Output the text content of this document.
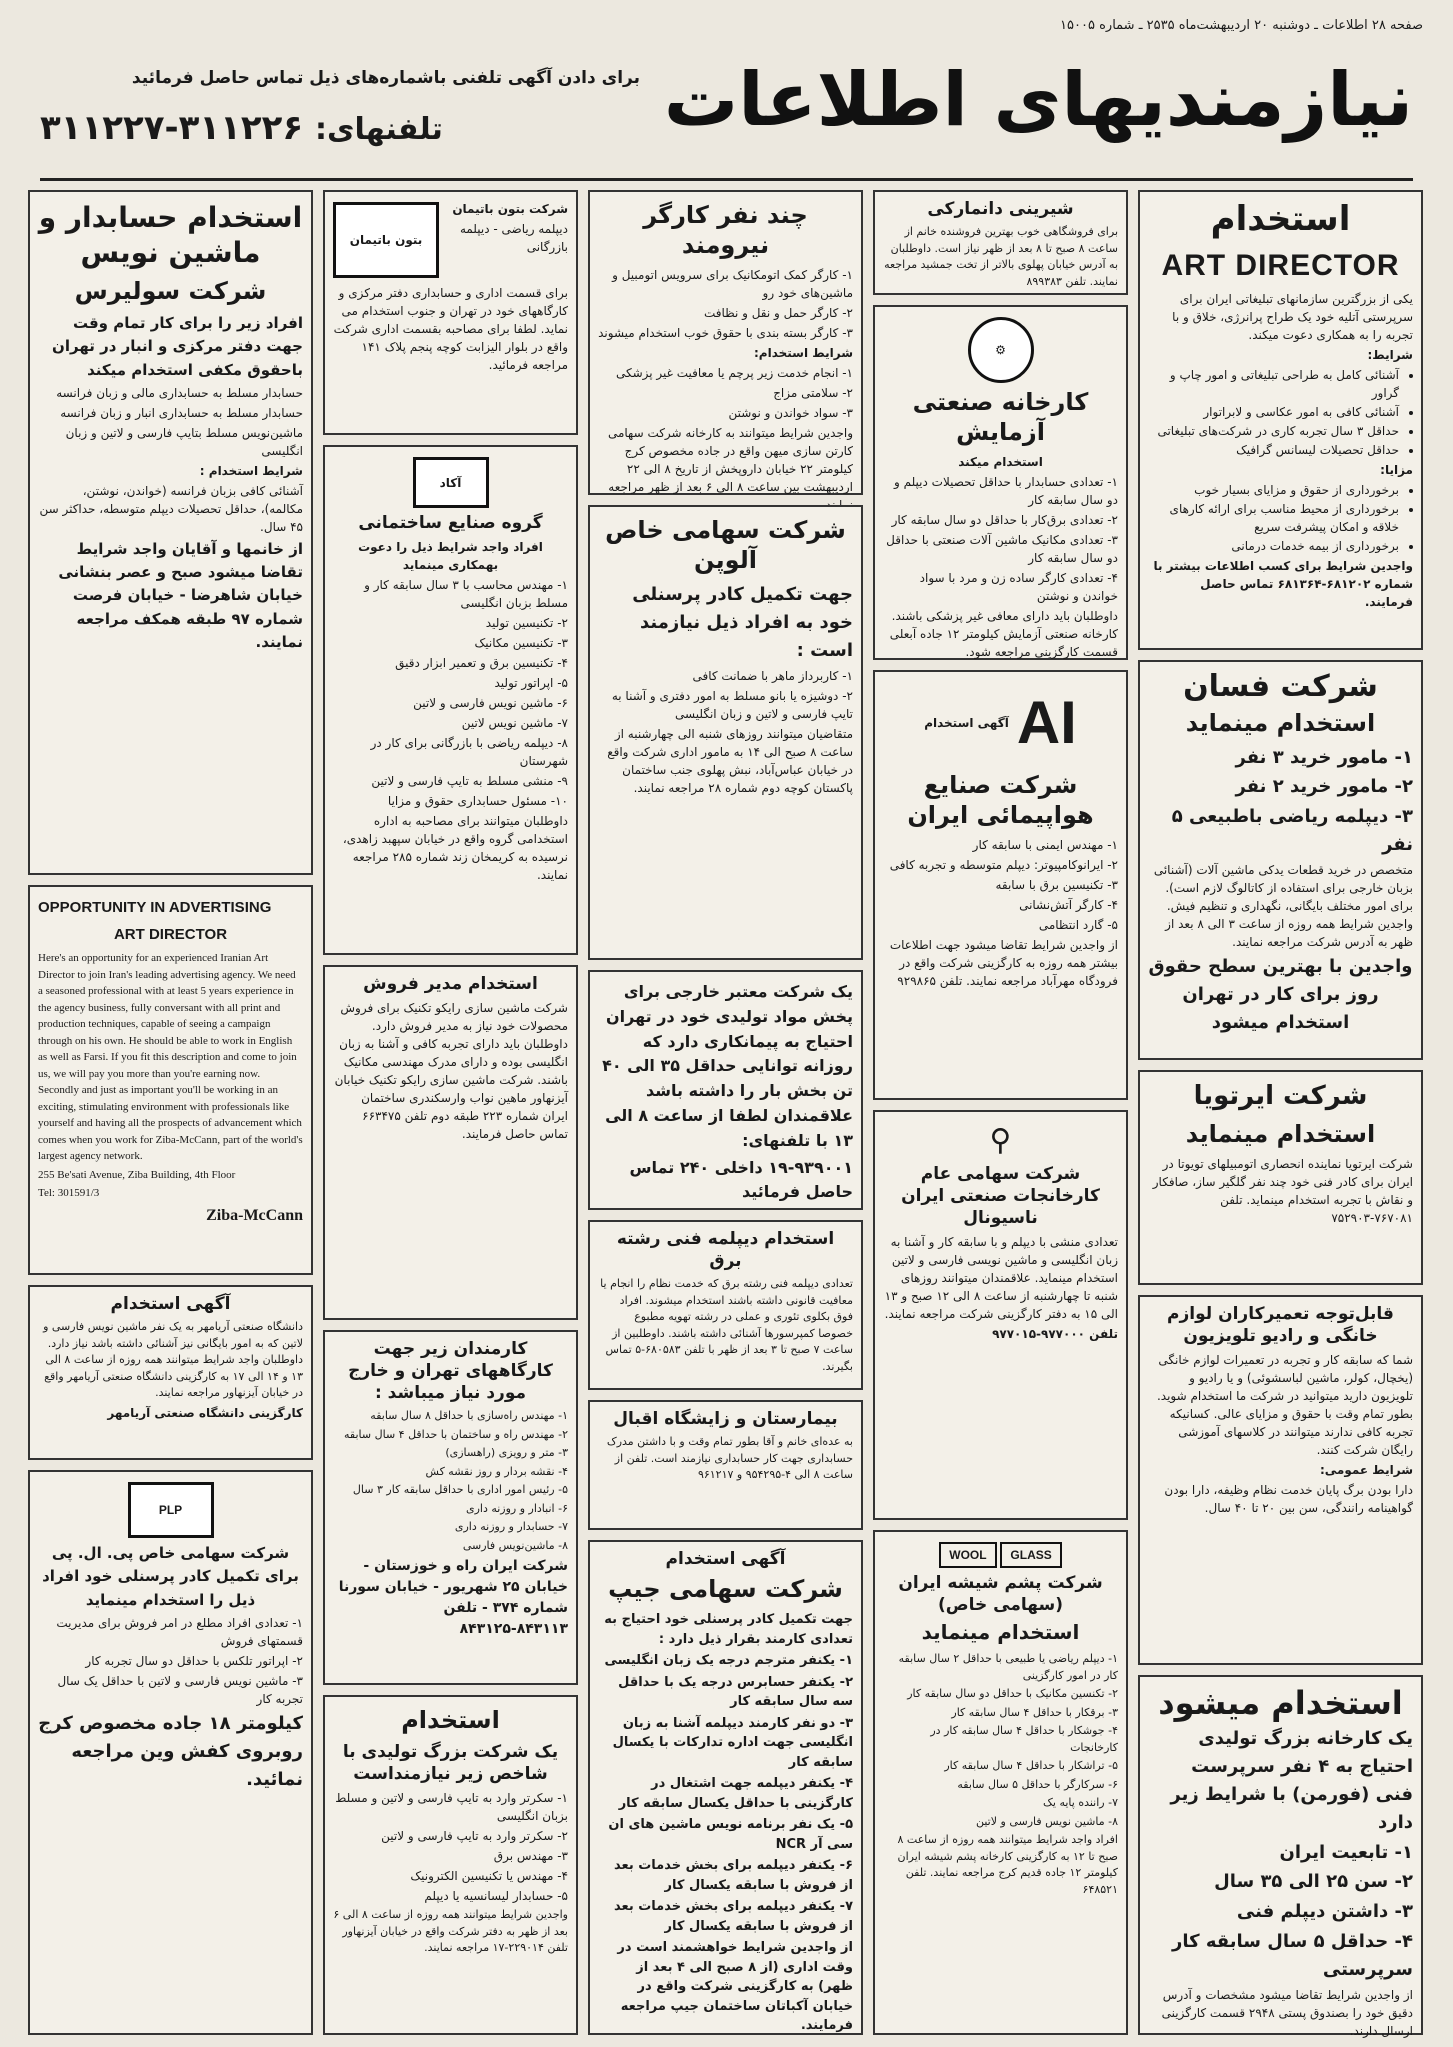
صفحه ۲۸ اطلاعات ـ دوشنبه ۲۰ اردیبهشت‌ماه ۲۵۳۵ ـ شماره ۱۵۰۰۵
نیازمندیهای اطلاعات
برای دادن آگهی تلفنی باشماره‌های ذیل تماس حاصل فرمائید
تلفنهای: ۳۱۱۲۲۶-۳۱۱۲۲۷
استخدام
ART DIRECTOR

یکی از بزرگترین سازمانهای تبلیغاتی ایران برای سرپرستی آتلیه خود یک طراح پرانرژی، خلاق و با تجربه را به همکاری دعوت میکند.

شرایط:

• آشنائی کامل به طراحی تبلیغاتی و امور چاپ و گراور
• آشنائی کافی به امور عکاسی و لابراتوار
• حداقل ۳ سال تجربه کاری در شرکت‌های تبلیغاتی
• حداقل تحصیلات لیسانس گرافیک

مزایا:

• برخورداری از حقوق و مزایای بسیار خوب
• برخورداری از محیط مناسب برای ارائه کارهای خلاقه و امکان پیشرفت سریع
• برخورداری از بیمه خدمات درمانی

واجدین شرایط برای کسب اطلاعات بیشتر با شماره ۶۸۱۲۰۲-۶۸۱۳۶۴ تماس حاصل فرمایند.

شرکت فسان
استخدام مینماید

۱- مامور خرید ۳ نفر

۲- مامور خرید ۲ نفر

۳- دیپلمه ریاضی باطبیعی ۵ نفر

متخصص در خرید قطعات یدکی ماشین آلات (آشنائی بزبان خارجی برای استفاده از کاتالوگ لازم است). برای امور مختلف بایگانی، نگهداری و تنظیم فیش. واجدین شرایط همه روزه از ساعت ۳ الی ۸ بعد از ظهر به آدرس شرکت مراجعه نمایند.

واجدین با بهترین سطح حقوق روز برای کار در تهران استخدام میشود

شرکت ایرتویا
استخدام مینماید

شرکت ایرتویا نماینده انحصاری اتومبیلهای تویوتا در ایران برای کادر فنی خود چند نفر گلگیر ساز، صافکار و نقاش با تجربه استخدام مینماید. تلفن ۷۶۷۰۸۱-۷۵۲۹۰۳

قابل‌توجه تعمیرکاران لوازم خانگی و رادیو تلویزیون

شما که سابقه کار و تجربه در تعمیرات لوازم خانگی (یخچال، کولر، ماشین لباسشوئی) و یا رادیو و تلویزیون دارید میتوانید در شرکت ما استخدام شوید. بطور تمام وقت با حقوق و مزایای عالی. کسانیکه تجربه کافی ندارند میتوانند در کلاسهای آموزشی رایگان شرکت کنند.

شرایط عمومی:

دارا بودن برگ پایان خدمت نظام وظیفه، دارا بودن گواهینامه رانندگی، سن بین ۲۰ تا ۴۰ سال.

استخدام میشود

یک کارخانه بزرگ تولیدی احتیاج به ۴ نفر سرپرست فنی (فورمن) با شرایط زیر دارد

۱- تابعیت ایران

۲- سن ۲۵ الی ۳۵ سال

۳- داشتن دیپلم فنی

۴- حداقل ۵ سال سابقه کار سرپرستی

از واجدین شرایط تقاضا میشود مشخصات و آدرس دقیق خود را بصندوق پستی ۲۹۴۸ قسمت کارگزینی ارسال دارند.

شیرینی دانمارکی

برای فروشگاهی خوب بهترین فروشنده خانم از ساعت ۸ صبح تا ۸ بعد از ظهر نیاز است. داوطلبان به آدرس خیابان پهلوی بالاتر از تخت جمشید مراجعه نمایند. تلفن ۸۹۹۳۸۳

⚙
کارخانه صنعتی آزمایش

استخدام میکند

۱- تعدادی حسابدار با حداقل تحصیلات دیپلم و دو سال سابقه کار

۲- تعدادی برق‌کار با حداقل دو سال سابقه کار

۳- تعدادی مکانیک ماشین آلات صنعتی با حداقل دو سال سابقه کار

۴- تعدادی کارگر ساده زن و مرد با سواد خواندن و نوشتن

داوطلبان باید دارای معافی غیر پزشکی باشند. کارخانه صنعتی آزمایش کیلومتر ۱۲ جاده آبعلی قسمت کارگزینی مراجعه شود.

AI
آگهی استخدام
شرکت صنایع هواپیمائی ایران

۱- مهندس ایمنی با سابقه کار

۲- ایرانوکامپیوتر: دیپلم متوسطه و تجربه کافی

۳- تکنیسین برق با سابقه

۴- کارگر آتش‌نشانی

۵- گارد انتظامی

از واجدین شرایط تقاضا میشود جهت اطلاعات بیشتر همه روزه به کارگزینی شرکت واقع در فرودگاه مهرآباد مراجعه نمایند. تلفن ۹۲۹۸۶۵

⚲
شرکت سهامی عام کارخانجات صنعتی ایران ناسیونال

تعدادی منشی با دیپلم و با سابقه کار و آشنا به زبان انگلیسی و ماشین نویسی فارسی و لاتین استخدام مینماید. علاقمندان میتوانند روزهای شنبه تا چهارشنبه از ساعت ۸ الی ۱۲ صبح و ۱۳ الی ۱۵ به دفتر کارگزینی شرکت مراجعه نمایند.

تلفن ۹۷۷۰۰۰-۹۷۷۰۱۵

GLASS WOOL
شرکت پشم شیشه ایران (سهامی خاص)
استخدام مینماید

۱- دیپلم ریاضی یا طبیعی با حداقل ۲ سال سابقه کار در امور کارگزینی

۲- تکنسین مکانیک با حداقل دو سال سابقه کار

۳- برقکار با حداقل ۴ سال سابقه کار

۴- جوشکار با حداقل ۴ سال سابقه کار در کارخانجات

۵- تراشکار با حداقل ۴ سال سابقه کار

۶- سرکارگر با حداقل ۵ سال سابقه

۷- راننده پایه یک

۸- ماشین نویس فارسی و لاتین

افراد واجد شرایط میتوانند همه روزه از ساعت ۸ صبح تا ۱۲ به کارگزینی کارخانه پشم شیشه ایران کیلومتر ۱۲ جاده قدیم کرج مراجعه نمایند. تلفن ۶۴۸۵۲۱

چند نفر کارگر نیرومند

۱- کارگر کمک اتومکانیک برای سرویس اتومبیل و ماشین‌های خود رو

۲- کارگر حمل و نقل و نظافت

۳- کارگر بسته بندی با حقوق خوب استخدام میشوند

شرایط استخدام:

۱- انجام خدمت زیر پرچم یا معافیت غیر پزشکی

۲- سلامتی مزاج

۳- سواد خواندن و نوشتن

واجدین شرایط میتوانند به کارخانه شرکت سهامی کارتن سازی میهن واقع در جاده مخصوص کرج کیلومتر ۲۲ خیابان داروپخش از تاریخ ۸ الی ۲۲ اردیبهشت بین ساعت ۸ الی ۶ بعد از ظهر مراجعه

شرکت سهامی خاص آلوپن

جهت تکمیل کادر پرسنلی خود به افراد ذیل نیازمند است :

۱- کاربرداز ماهر با ضمانت کافی

۲- دوشیزه یا بانو مسلط به امور دفتری و آشنا به تایپ فارسی و لاتین و زبان انگلیسی

متقاضیان میتوانند روزهای شنبه الی چهارشنبه از ساعت ۸ صبح الی ۱۴ به مامور اداری شرکت واقع در خیابان عباس‌آباد، نبش پهلوی جنب ساختمان پاکستان کوچه دوم شماره ۲۸ مراجعه نمایند.

یک شرکت معتبر خارجی برای پخش مواد تولیدی خود در تهران احتیاج به پیمانکاری دارد که روزانه توانایی حداقل ۳۵ الی ۴۰ تن بخش بار را داشته باشد علاقمندان لطفا از ساعت ۸ الی ۱۳ با تلفنهای:

۱۹-۹۳۹۰۰۱ داخلی ۲۴۰ تماس حاصل فرمائید

استخدام دیپلمه فنی رشته برق

تعدادی دیپلمه فنی رشته برق که خدمت نظام را انجام یا معافیت قانونی داشته باشند استخدام میشوند. افراد فوق بکلوی تئوری و عملی در رشته تهویه مطبوع خصوصا کمپرسورها آشنائی داشته باشند. داوطلبین از ساعت ۷ صبح تا ۳ بعد از ظهر با تلفن ۶۸۰۵۸۳-۵ تماس بگیرند.

بیمارستان و زایشگاه اقبال

به عده‌ای خانم و آقا بطور تمام وقت و با داشتن مدرک حسابداری جهت کار حسابداری نیازمند است. تلفن از ساعت ۸ الی ۴-۹۵۴۲۹۵ و ۹۶۱۲۱۷

آگهی استخدام
شرکت سهامی جیپ

جهت تکمیل کادر پرسنلی خود احتیاج به تعدادی کارمند بقرار ذیل دارد :

۱- یکنفر مترجم درجه یک زبان انگلیسی

۲- یکنفر حسابرس درجه یک با حداقل سه سال سابقه کار

۳- دو نفر کارمند دیپلمه آشنا به زبان انگلیسی جهت اداره تدارکات با یکسال سابقه کار

۴- یکنفر دیپلمه جهت اشتغال در کارگزینی با حداقل یکسال سابقه کار

۵- یک نفر برنامه نویس ماشین های ان سی آر NCR

۶- یکنفر دیپلمه برای بخش خدمات بعد از فروش با سابقه یکسال کار

۷- یکنفر دیپلمه برای بخش خدمات بعد از فروش با سابقه یکسال کار

از واجدین شرایط خواهشمند است در وقت اداری (از ۸ صبح الی ۴ بعد از ظهر) به کارگزینی شرکت واقع در خیابان آکباتان ساختمان جیپ مراجعه فرمایند.

شرکت بتون باتیمان

دیپلمه ریاضی - دیپلمه بازرگانی

بتون باتیمان

برای قسمت اداری و حسابداری دفتر مرکزی و کارگاههای خود در تهران و جنوب استخدام می نماید. لطفا برای مصاحبه بقسمت اداری شرکت واقع در بلوار الیزابت کوچه پنجم پلاک ۱۴۱ مراجعه فرمائید.

آکاد
گروه صنایع ساختمانی

افراد واجد شرایط ذیل را دعوت بهمکاری مینماید

۱- مهندس محاسب با ۳ سال سابقه کار و مسلط بزبان انگلیسی

۲- تکنیسین تولید

۳- تکنیسین مکانیک

۴- تکنیسین برق و تعمیر ابزار دقیق

۵- اپراتور تولید

۶- ماشین نویس فارسی و لاتین

۷- ماشین نویس لاتین

۸- دیپلمه ریاضی با بازرگانی برای کار در شهرستان

۹- منشی مسلط به تایپ فارسی و لاتین

۱۰- مسئول حسابداری حقوق و مزایا

داوطلبان میتوانند برای مصاحبه به اداره استخدامی گروه واقع در خیابان سپهبد زاهدی، نرسیده به کریمخان زند شماره ۲۸۵ مراجعه نمایند.

استخدام مدیر فروش

شرکت ماشین سازی رایکو تکنیک برای فروش محصولات خود نیاز به مدیر فروش دارد. داوطلبان باید دارای تجربه کافی و آشنا به زبان انگلیسی بوده و دارای مدرک مهندسی مکانیک باشند. شرکت ماشین سازی رایکو تکنیک خیابان آیزنهاور ماهین نواب وارسکندری ساختمان ایران شماره ۲۲۳ طبقه دوم تلفن ۶۶۳۴۷۵ تماس حاصل فرمایند.

کارمندان زیر جهت کارگاههای تهران و خارج مورد نیاز میباشد :

۱- مهندس راه‌سازی با حداقل ۸ سال سابقه

۲- مهندس راه و ساختمان با حداقل ۴ سال سابقه

۳- متر و رویزی (راهسازی)

۴- نقشه بردار و روز نقشه کش

۵- رئیس امور اداری با حداقل سابقه کار ۳ سال

۶- انبادار و روزنه داری

۷- حسابدار و روزنه داری

۸- ماشین‌نویس فارسی

شرکت ایران راه و خوزستان - خیابان ۲۵ شهریور - خیابان سورنا شماره ۳۷۴ - تلفن ۸۴۳۱۱۳-۸۴۳۱۲۵

استخدام
یک شرکت بزرگ تولیدی با شاخص زیر نیازمنداست

۱- سکرتر وارد به تایپ فارسی و لاتین و مسلط بزبان انگلیسی

۲- سکرتر وارد به تایپ فارسی و لاتین

۳- مهندس برق

۴- مهندس یا تکنیسین الکترونیک

۵- حسابدار لیسانسیه یا دیپلم

واجدین شرایط میتوانند همه روزه از ساعت ۸ الی ۶ بعد از ظهر به دفتر شرکت واقع در خیابان آیزنهاور تلفن ۲۲۹۰۱۴-۱۷ مراجعه نمایند.

استخدام حسابدار و ماشین نویس
شرکت سولیرس

افراد زیر را برای کار تمام وقت جهت دفتر مرکزی و انبار در تهران باحقوق مکفی استخدام میکند

حسابدار مسلط به حسابداری مالی و زبان فرانسه

حسابدار مسلط به حسابداری انبار و زبان فرانسه

ماشین‌نویس مسلط بتایپ فارسی و لاتین و زبان انگلیسی

شرایط استخدام :

آشنائی کافی بزبان فرانسه (خواندن، نوشتن، مکالمه)، حداقل تحصیلات دیپلم متوسطه، حداکثر سن ۴۵ سال.

از خانمها و آقایان واجد شرایط تقاضا میشود صبح و عصر بنشانی خیابان شاهرضا - خیابان فرصت شماره ۹۷ طبقه همکف مراجعه نمایند.

OPPORTUNITY IN ADVERTISING
ART DIRECTOR

Here's an opportunity for an experienced Iranian Art Director to join Iran's leading advertising agency. We need a seasoned professional with at least 5 years experience in the agency business, fully conversant with all print and production techniques, capable of seeing a campaign through on his own. He should be able to work in English as well as Farsi. If you fit this description and come to join us, we will pay you more than you're earning now. Secondly and just as important you'll be working in an exciting, stimulating environment with professionals like yourself and having all the prospects of advancement which comes when you work for Ziba-McCann, part of the world's largest agency network.

255 Be'sati Avenue, Ziba Building, 4th Floor

Tel: 301591/3

Ziba-McCann
آگهی استخدام

دانشگاه صنعتی آریامهر به یک نفر ماشین نویس فارسی و لاتین که به امور بایگانی نیز آشنائی داشته باشد نیاز دارد. داوطلبان واجد شرایط میتوانند همه روزه از ساعت ۸ الی ۱۳ و ۱۴ الی ۱۷ به کارگزینی دانشگاه صنعتی آریامهر واقع در خیابان آیزنهاور مراجعه نمایند.

کارگزینی دانشگاه صنعتی آریامهر

PLP

شرکت سهامی خاص پی. ال. پی برای تکمیل کادر پرسنلی خود افراد ذیل را استخدام مینماید

۱- تعدادی افراد مطلع در امر فروش برای مدیریت قسمتهای فروش

۲- اپراتور تلکس با حداقل دو سال تجربه کار

۳- ماشین نویس فارسی و لاتین با حداقل یک سال تجربه کار

کیلومتر ۱۸ جاده مخصوص کرج روبروی کفش وین مراجعه نمائید.
